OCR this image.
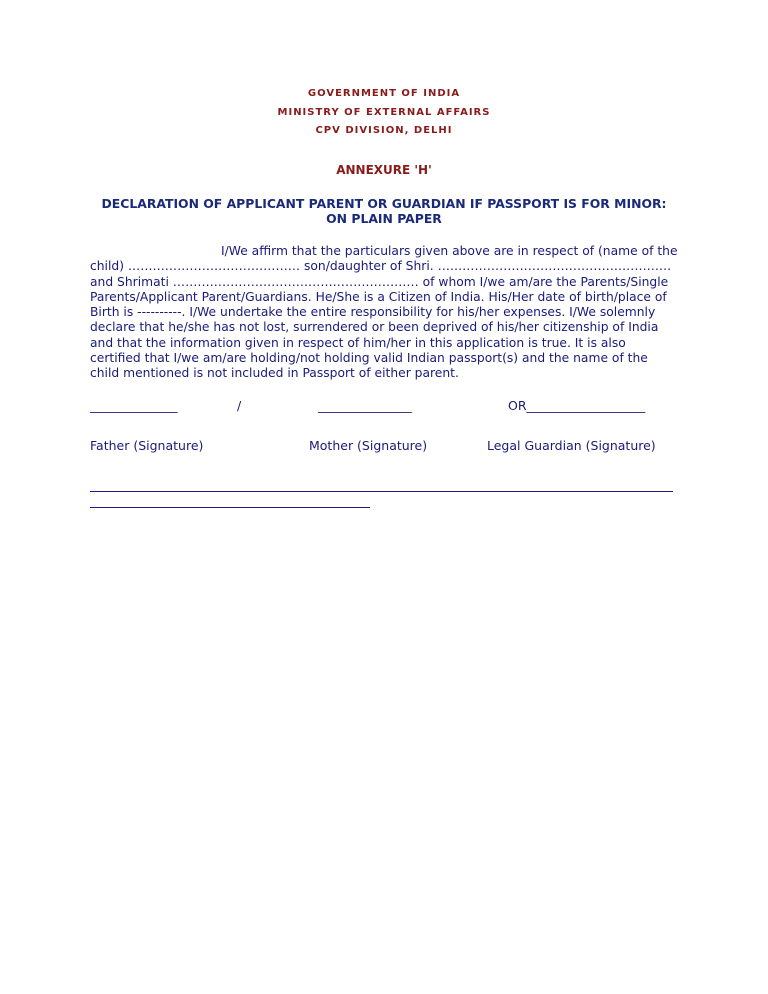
GOVERNMENT OF INDIA
MINISTRY OF EXTERNAL AFFAIRS
CPV DIVISION, DELHI
ANNEXURE 'H'
DECLARATION OF APPLICANT PARENT OR GUARDIAN IF PASSPORT IS FOR MINOR: ON PLAIN PAPER
I/We affirm that the particulars given above are in respect of (name of the child) …………………………………… son/daughter of Shri. ………………………………………………… and Shrimati …………………………………………………… of whom I/we am/are the Parents/Single Parents/Applicant Parent/Guardians. He/She is a Citizen of India. His/Her date of birth/place of Birth is ----------. I/We undertake the entire responsibility for his/her expenses. I/We solemnly declare that he/she has not lost, surrendered or been deprived of his/her citizenship of India and that the information given in respect of him/her in this application is true. It is also certified that I/we am/are holding/not holding valid Indian passport(s) and the name of the child mentioned is not included in Passport of either parent.
______________	/	_______________	OR___________________
Father (Signature)	Mother (Signature)	Legal Guardian (Signature)
